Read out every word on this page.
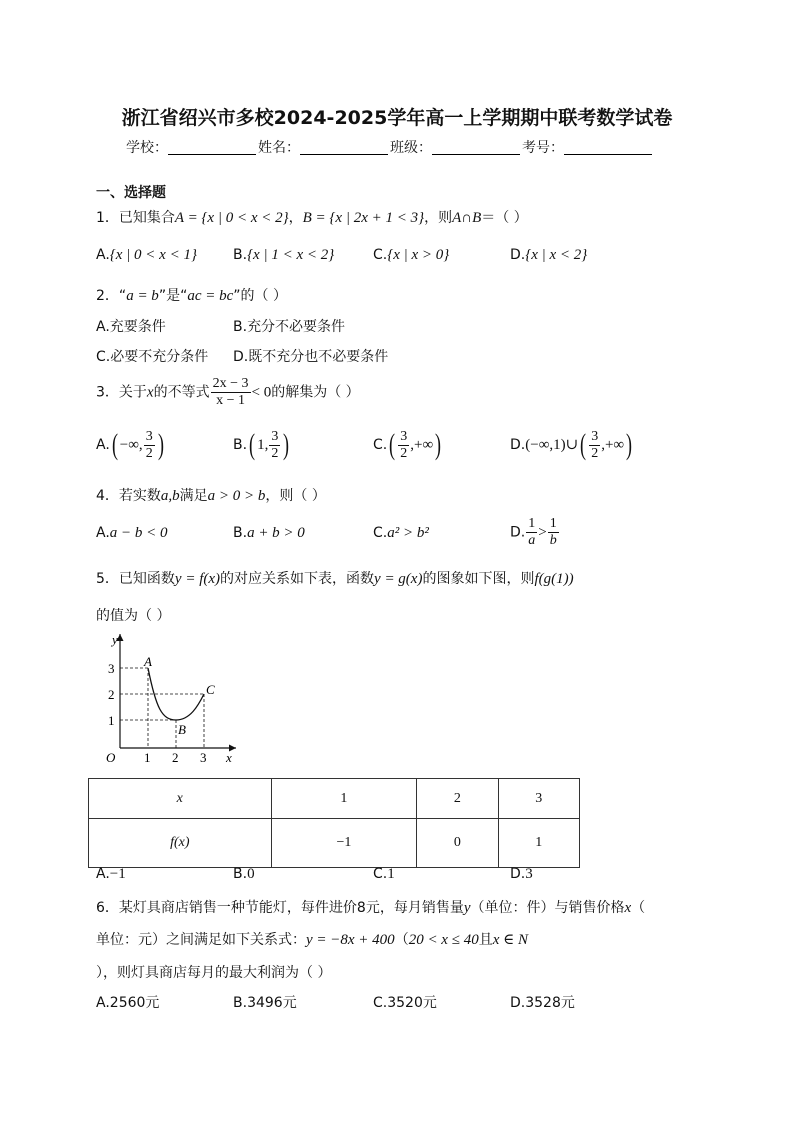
浙江省绍兴市多校2024-2025学年高一上学期期中联考数学试卷
学校：	姓名：	班级：	考号：
一、选择题
1．已知集合A = {x | 0 < x < 2}，B = {x | 2x + 1 < 3}，则A∩B＝（ ）
A.{x | 0 < x < 1}	B.{x | 1 < x < 2}	C.{x | x > 0}	D.{x | x < 2}
2．“a = b”是“ac = bc”的（ ）
A.充要条件	B.充分不必要条件
C.必要不充分条件 D.既不充分也不必要条件
3．关于x的不等式 $\frac{2x - 3}{x - 1} < 0$的解集为（ ）
A.( −∞, $\frac{3}{2}$ )	B.( 1, $\frac{3}{2}$ )	$C.( \frac{3}{2}$ ,+∞)	D.(−∞,1)∪( $\frac{3}{2}$ ,+∞)
4．若实数a,b满足a > 0 > b，则（ ）
A.a − b < 0	B.a + b > 0	C.a² > b²	D. $\frac{1}{a} > \frac{1}{b}$
5．已知函数y = f(x)的对应关系如下表，函数y = g(x)的图象如下图，则f(g(1))
的值为（ ）
y
x
O
3
2
1
1 2 3
A
B
C
x	1	2	3
f(x)	−1	0	1
A.−1	B.0	C.1	D.3
6．某灯具商店销售一种节能灯，每件进价8元，每月销售量y（单位：件）与销售价格x（
单位：元）之间满足如下关系式：y = −8x + 400（20 < x ≤ 40且x ∈ N
），则灯具商店每月的最大利润为（ ）
A.2560元	B.3496元	C.3520元	D.3528元
